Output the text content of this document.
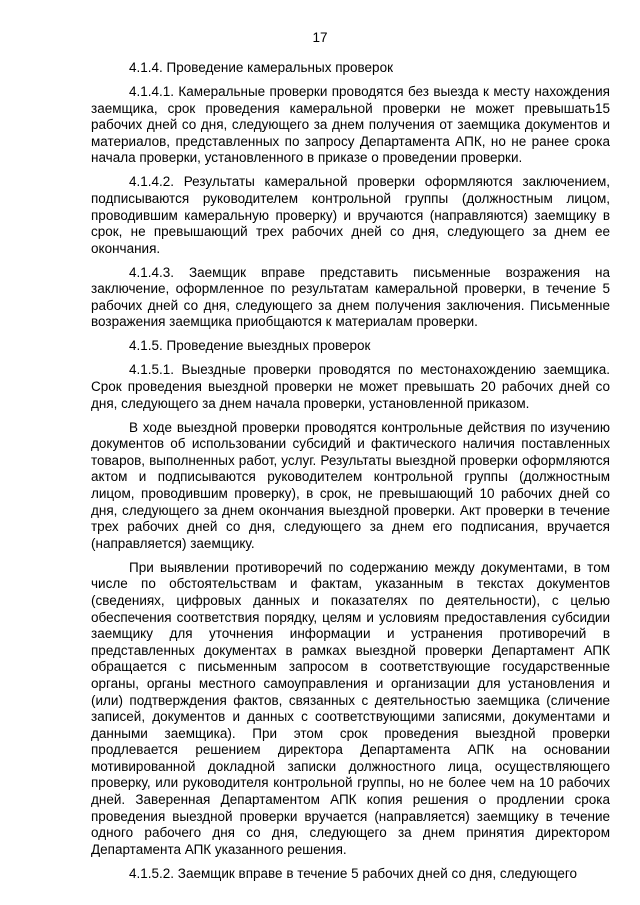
17

4.1.4. Проведение камеральных проверок

4.1.4.1. Камеральные проверки проводятся без выезда к месту нахождения заемщика, срок проведения камеральной проверки не может превышать15 рабочих дней со дня, следующего за днем получения от заемщика документов и материалов, представленных по запросу Департамента АПК, но не ранее срока начала проверки, установленного в приказе о проведении проверки.

4.1.4.2. Результаты камеральной проверки оформляются заключением, подписываются руководителем контрольной группы (должностным лицом, проводившим камеральную проверку) и вручаются (направляются) заемщику в срок, не превышающий трех рабочих дней со дня, следующего за днем ее окончания.

4.1.4.3. Заемщик вправе представить письменные возражения на заключение, оформленное по результатам камеральной проверки, в течение 5 рабочих дней со дня, следующего за днем получения заключения. Письменные возражения заемщика приобщаются к материалам проверки.

4.1.5. Проведение выездных проверок

4.1.5.1. Выездные проверки проводятся по местонахождению заемщика. Срок проведения выездной проверки не может превышать 20 рабочих дней со дня, следующего за днем начала проверки, установленной приказом.

В ходе выездной проверки проводятся контрольные действия по изучению документов об использовании субсидий и фактического наличия поставленных товаров, выполненных работ, услуг. Результаты выездной проверки оформляются актом и подписываются руководителем контрольной группы (должностным лицом, проводившим проверку), в срок, не превышающий 10 рабочих дней со дня, следующего за днем окончания выездной проверки. Акт проверки в течение трех рабочих дней со дня, следующего за днем его подписания, вручается (направляется) заемщику.

При выявлении противоречий по содержанию между документами, в том числе по обстоятельствам и фактам, указанным в текстах документов (сведениях, цифровых данных и показателях по деятельности), с целью обеспечения соответствия порядку, целям и условиям предоставления субсидии заемщику для уточнения информации и устранения противоречий в представленных документах в рамках выездной проверки Департамент АПК обращается с письменным запросом в соответствующие государственные органы, органы местного самоуправления и организации для установления и (или) подтверждения фактов, связанных с деятельностью заемщика (сличение записей, документов и данных с соответствующими записями, документами и данными заемщика). При этом срок проведения выездной проверки продлевается решением директора Департамента АПК на основании мотивированной докладной записки должностного лица, осуществляющего проверку, или руководителя контрольной группы, но не более чем на 10 рабочих дней. Заверенная Департаментом АПК копия решения о продлении срока проведения выездной проверки вручается (направляется) заемщику в течение одного рабочего дня со дня, следующего за днем принятия директором Департамента АПК указанного решения.

4.1.5.2. Заемщик вправе в течение 5 рабочих дней со дня, следующего
